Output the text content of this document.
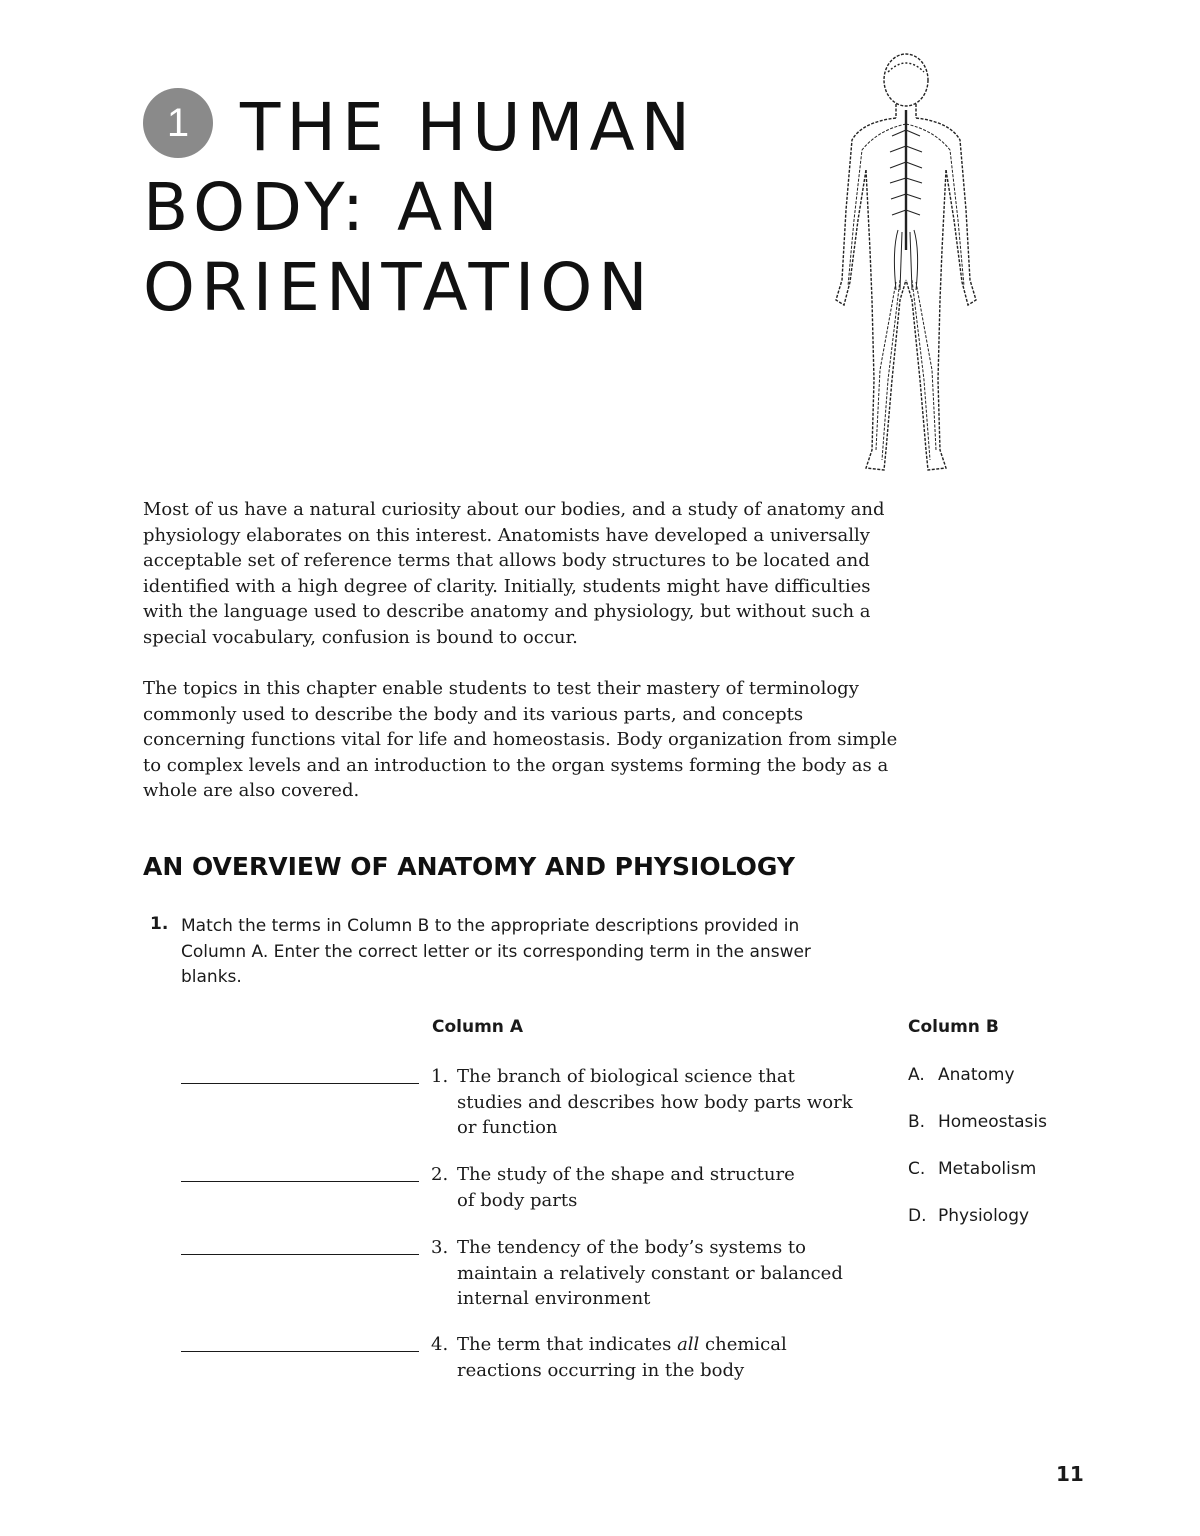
1 THE HUMAN
BODY: AN
ORIENTATION

Most of us have a natural curiosity about our bodies, and a study of anatomy and physiology elaborates on this interest. Anatomists have developed a universally acceptable set of reference terms that allows body structures to be located and identified with a high degree of clarity. Initially, students might have difficulties with the language used to describe anatomy and physiology, but without such a special vocabulary, confusion is bound to occur.

The topics in this chapter enable students to test their mastery of terminology commonly used to describe the body and its various parts, and concepts concerning functions vital for life and homeostasis. Body organization from simple to complex levels and an introduction to the organ systems forming the body as a whole are also covered.

AN OVERVIEW OF ANATOMY AND PHYSIOLOGY
1. Match the terms in Column B to the appropriate descriptions provided in Column A. Enter the correct letter or its corresponding term in the answer blanks.

Column A	Column B
1. The branch of biological science that studies and describes how body parts work or function
2. The study of the shape and structure of body parts
3. The tendency of the body’s systems to maintain a relatively constant or balanced internal environment
4. The term that indicates all chemical reactions occurring in the body
A. Anatomy
B. Homeostasis
C. Metabolism
D. Physiology
11
